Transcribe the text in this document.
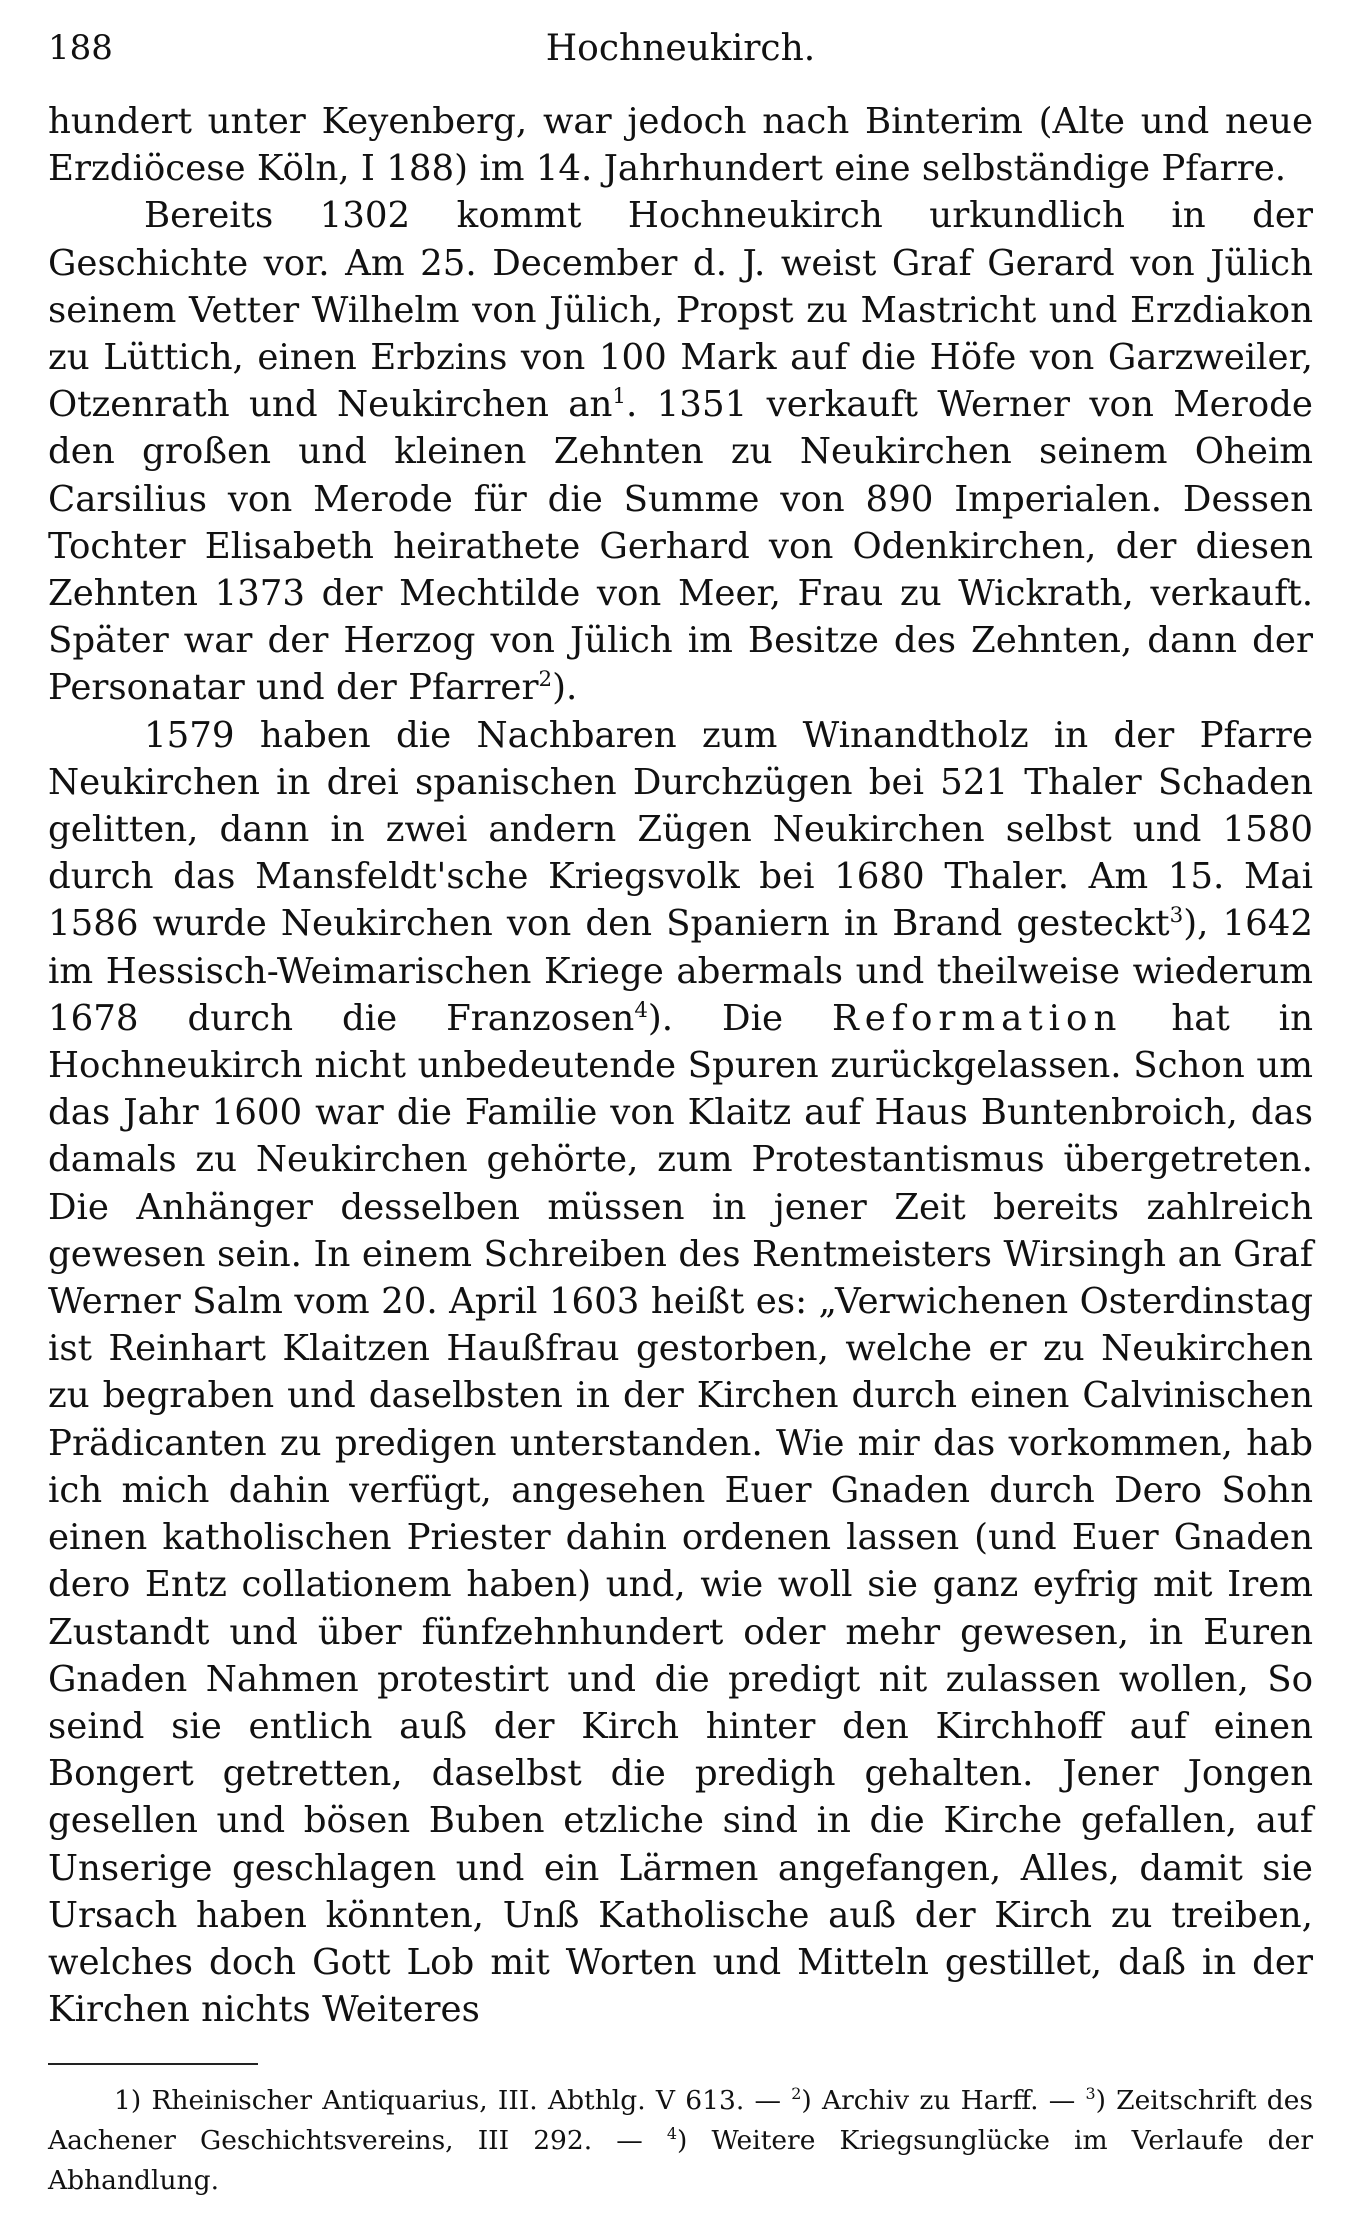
188	Hochneukirch.

hundert unter Keyenberg, war jedoch nach Binterim (Alte und neue Erzdiöcese Köln, I 188) im 14. Jahrhundert eine selbständige Pfarre.

Bereits 1302 kommt Hochneukirch urkundlich in der Geschichte vor. Am 25. December d. J. weist Graf Gerard von Jülich seinem Vetter Wilhelm von Jülich, Propst zu Mastricht und Erzdiakon zu Lüttich, einen Erbzins von 100 Mark auf die Höfe von Garzweiler, Otzenrath und Neukirchen $an^1$. 1351 verkauft Werner von Merode den großen und kleinen Zehnten zu Neukirchen seinem Oheim Carsilius von Merode für die Summe von 890 Imperialen. Dessen Tochter Elisabeth heirathete Gerhard von Odenkirchen, der diesen Zehnten 1373 der Mechtilde von Meer, Frau zu Wickrath, verkauft. Später war der Herzog von Jülich im Besitze des Zehnten, dann der Personatar und der Pfarrer$^2$).

1579 haben die Nachbaren zum Winandtholz in der Pfarre Neukirchen in drei spanischen Durchzügen bei 521 Thaler Schaden gelitten, dann in zwei andern Zügen Neukirchen selbst und 1580 durch das Mansfeldt'sche Kriegsvolk bei 1680 Thaler. Am 15. Mai 1586 wurde Neukirchen von den Spaniern in Brand gesteckt$^3$), 1642 im Hessisch-Weimarischen Kriege abermals und theilweise wiederum 1678 durch die Franzosen$^4$). Die Reformation hat in Hochneukirch nicht unbedeutende Spuren zurückgelassen. Schon um das Jahr 1600 war die Familie von Klaitz auf Haus Buntenbroich, das damals zu Neukirchen gehörte, zum Protestantismus übergetreten. Die Anhänger desselben müssen in jener Zeit bereits zahlreich gewesen sein. In einem Schreiben des Rentmeisters Wirsingh an Graf Werner Salm vom 20. April 1603 heißt es: „Verwichenen Osterdinstag ist Reinhart Klaitzen Haußfrau gestorben, welche er zu Neukirchen zu begraben und daselbsten in der Kirchen durch einen Calvinischen Prädicanten zu predigen unterstanden. Wie mir das vorkommen, hab ich mich dahin verfügt, angesehen Euer Gnaden durch Dero Sohn einen katholischen Priester dahin ordenen lassen (und Euer Gnaden dero Entz collationem haben) und, wie woll sie ganz eyfrig mit Irem Zustandt und über fünfzehnhundert oder mehr gewesen, in Euren Gnaden Nahmen protestirt und die predigt nit zulassen wollen, So seind sie entlich auß der Kirch hinter den Kirchhoff auf einen Bongert getretten, daselbst die predigh gehalten. Jener Jongen gesellen und bösen Buben etzliche sind in die Kirche gefallen, auf Unserige geschlagen und ein Lärmen angefangen, Alles, damit sie Ursach haben könnten, Unß Katholische auß der Kirch zu treiben, welches doch Gott Lob mit Worten und Mitteln gestillet, daß in der Kirchen nichts Weiteres

1) Rheinischer Antiquarius, III. Abthlg. V 613. — $^2$) Archiv zu Harff. — $^3$) Zeitschrift des Aachener Geschichtsvereins, III 292. — $^4$) Weitere Kriegsunglücke im Verlaufe der Abhandlung.
